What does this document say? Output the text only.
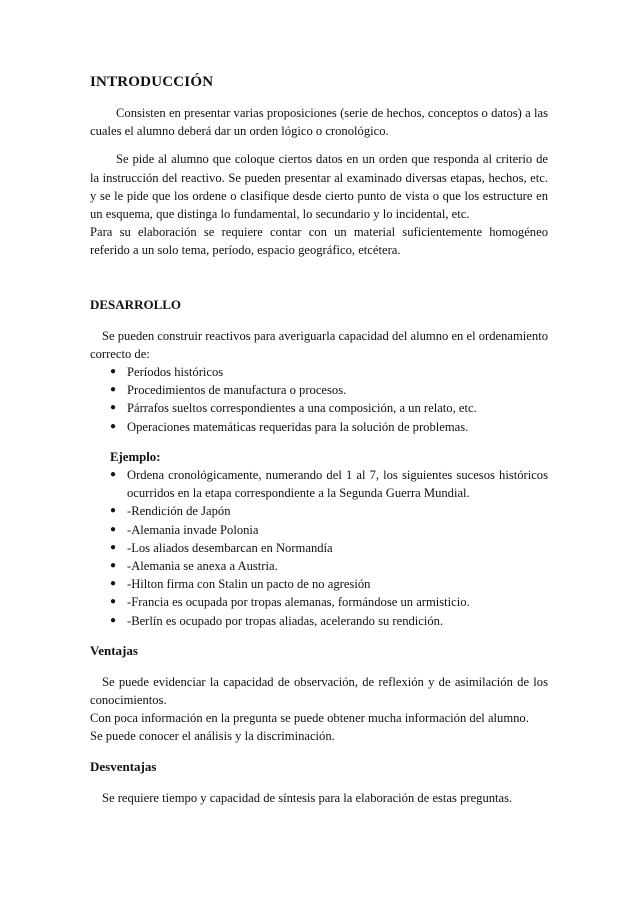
INTRODUCCIÓN

Consisten en presentar varias proposiciones (serie de hechos, conceptos o datos) a las cuales el alumno deberá dar un orden lógico o cronológico.

Se pide al alumno que coloque ciertos datos en un orden que responda al criterio de la instrucción del reactivo. Se pueden presentar al examinado diversas etapas, hechos, etc. y se le pide que los ordene o clasifique desde cierto punto de vista o que los estructure en un esquema, que distinga lo fundamental, lo secundario y lo incidental, etc.

Para su elaboración se requiere contar con un material suficientemente homogéneo referido a un solo tema, período, espacio geográfico, etcétera.

DESARROLLO

Se pueden construir reactivos para averiguarla capacidad del alumno en el ordenamiento correcto de:

● Períodos históricos
● Procedimientos de manufactura o procesos.
● Párrafos sueltos correspondientes a una composición, a un relato, etc.
● Operaciones matemáticas requeridas para la solución de problemas.
Ejemplo:
● Ordena cronológicamente, numerando del 1 al 7, los siguientes sucesos históricos ocurridos en la etapa correspondiente a la Segunda Guerra Mundial.
● -Rendición de Japón
● -Alemania invade Polonia
● -Los aliados desembarcan en Normandía
● -Alemania se anexa a Austria.
● -Hilton firma con Stalin un pacto de no agresión
● -Francia es ocupada por tropas alemanas, formándose un armisticio.
● -Berlín es ocupado por tropas aliadas, acelerando su rendición.
Ventajas

Se puede evidenciar la capacidad de observación, de reflexión y de asimilación de los conocimientos.

Con poca información en la pregunta se puede obtener mucha información del alumno.

Se puede conocer el análisis y la discriminación.

Desventajas

Se requiere tiempo y capacidad de síntesis para la elaboración de estas preguntas.
